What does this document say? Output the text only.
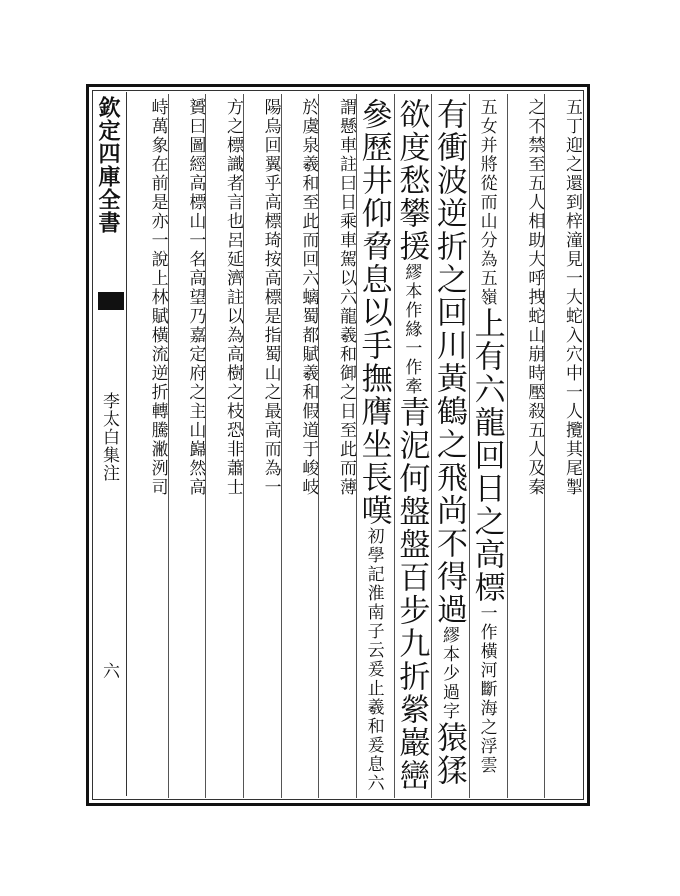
欽定四庫全書
李太白集注
六
五丁迎之還到梓潼見一大蛇入穴中一人攬其尾掣
之不禁至五人相助大呼拽蛇山崩時壓殺五人及秦
五女并將從而山分為五嶺上有六龍回日之高標一作橫河斷海之浮雲
有衝波逆折之回川黃鶴之飛尚不得過繆本少過字猿猱
欲度愁攀援繆本作緣一作牽青泥何盤盤百步九折縈巖巒
參歷井仰脅息以手撫膺坐長嘆初學記淮南子云爰止羲和爰息六
謂懸車註曰日乘車駕以六龍羲和御之日至此而薄
於虞泉羲和至此而回六螭蜀都賦羲和假道于峻岐
陽烏回翼乎高標琦按高標是指蜀山之最高而為一
方之標識者言也呂延濟註以為高樹之枝恐非蕭士
贇曰圖經高標山一名高望乃嘉定府之主山巋然高
峙萬象在前是亦一說上林賦橫流逆折轉騰潎洌司
